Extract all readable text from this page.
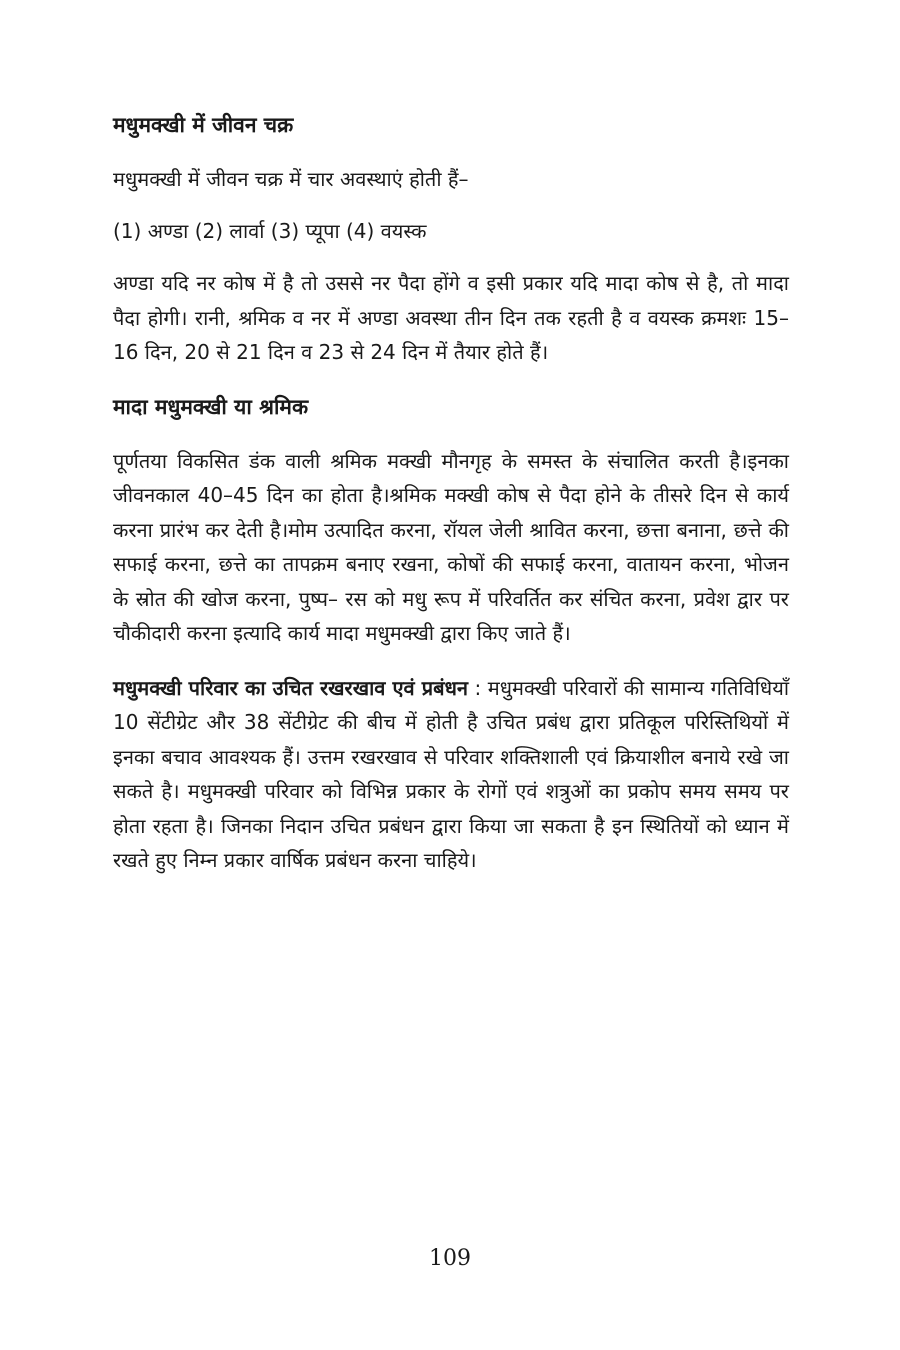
मधुमक्खी में जीवन चक्र
मधुमक्खी में जीवन चक्र में चार अवस्थाएं होती हैं–
(1) अण्डा (2) लार्वा (3) प्यूपा (4) वयस्क
अण्डा यदि नर कोष में है तो उससे नर पैदा होंगे व इसी प्रकार यदि मादा कोष से है, तो मादा पैदा होगी। रानी, श्रमिक व नर में अण्डा अवस्था तीन दिन तक रहती है व वयस्क क्रमशः 15– 16 दिन, 20 से 21 दिन व 23 से 24 दिन में तैयार होते हैं।
मादा मधुमक्खी या श्रमिक
पूर्णतया विकसित डंक वाली श्रमिक मक्खी मौनगृह के समस्त के संचालित करती है।इनका जीवनकाल 40–45 दिन का होता है।श्रमिक मक्खी कोष से पैदा होने के तीसरे दिन से कार्य करना प्रारंभ कर देती है।मोम उत्पादित करना, रॉयल जेली श्रावित करना, छत्ता बनाना, छत्ते की सफाई करना, छत्ते का तापक्रम बनाए रखना, कोषों की सफाई करना, वातायन करना, भोजन के स्रोत की खोज करना, पुष्प– रस को मधु रूप में परिवर्तित कर संचित करना, प्रवेश द्वार पर चौकीदारी करना इत्यादि कार्य मादा मधुमक्खी द्वारा किए जाते हैं।
मधुमक्खी परिवार का उचित रखरखाव एवं प्रबंधन : मधुमक्खी परिवारों की सामान्य गतिविधियाँ 10 सेंटीग्रेट और 38 सेंटीग्रेट की बीच में होती है उचित प्रबंध द्वारा प्रतिकूल परिस्तिथियों में इनका बचाव आवश्यक हैं। उत्तम रखरखाव से परिवार शक्तिशाली एवं क्रियाशील बनाये रखे जा सकते है। मधुमक्खी परिवार को विभिन्न प्रकार के रोगों एवं शत्रुओं का प्रकोप समय समय पर होता रहता है। जिनका निदान उचित प्रबंधन द्वारा किया जा सकता है इन स्थितियों को ध्यान में रखते हुए निम्न प्रकार वार्षिक प्रबंधन करना चाहिये।
109
